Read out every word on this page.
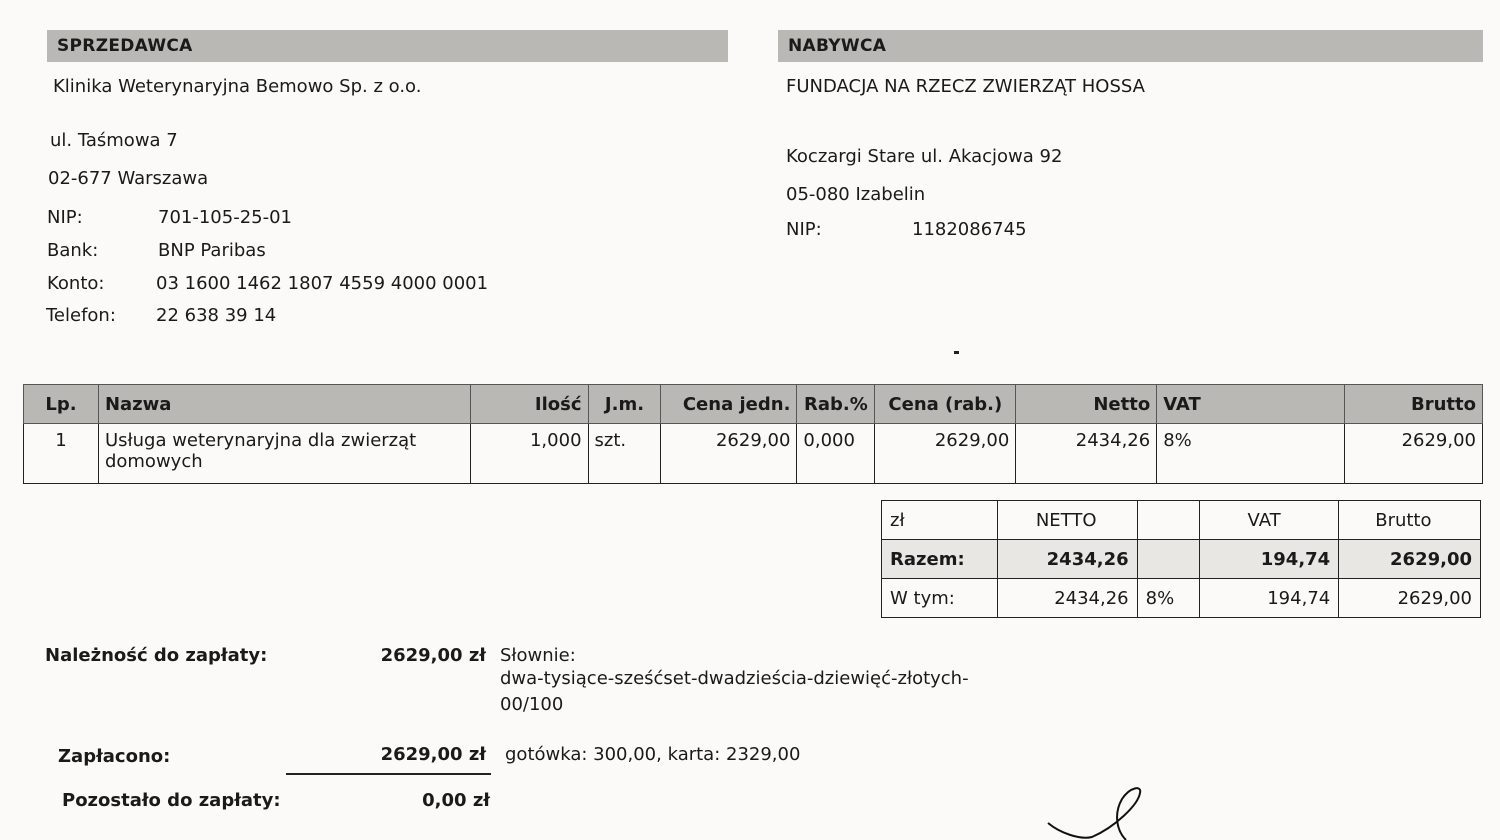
SPRZEDAWCA
Klinika Weterynaryjna Bemowo Sp. z o.o.
ul. Taśmowa 7
02-677 Warszawa
NIP:	701-105-25-01
Bank:	BNP Paribas
Konto:	03 1600 1462 1807 4559 4000 0001
Telefon: 22 638 39 14
NABYWCA
FUNDACJA NA RZECZ ZWIERZĄT HOSSA
Koczargi Stare ul. Akacjowa 92
05-080 Izabelin
NIP:	1182086745
Lp.	Nazwa	Ilość	J.m.	Cena jedn.	Rab.%	Cena (rab.)	Netto	VAT	Brutto
1	Usługa weterynaryjna dla zwierząt
domowych	1,000	szt.	2629,00	0,000	2629,00	2434,26	8%	2629,00
zł	NETTO		VAT	Brutto
Razem:	2434,26		194,74	2629,00
W tym:	2434,26	8%	194,74	2629,00
Należność do zapłaty:	2629,00 zł Słownie:
dwa-tysiące-sześćset-dwadzieścia-dziewięć-złotych-
00/100
Zapłacono:	2629,00 zł gotówka: 300,00, karta: 2329,00
Pozostało do zapłaty:	0,00 zł
